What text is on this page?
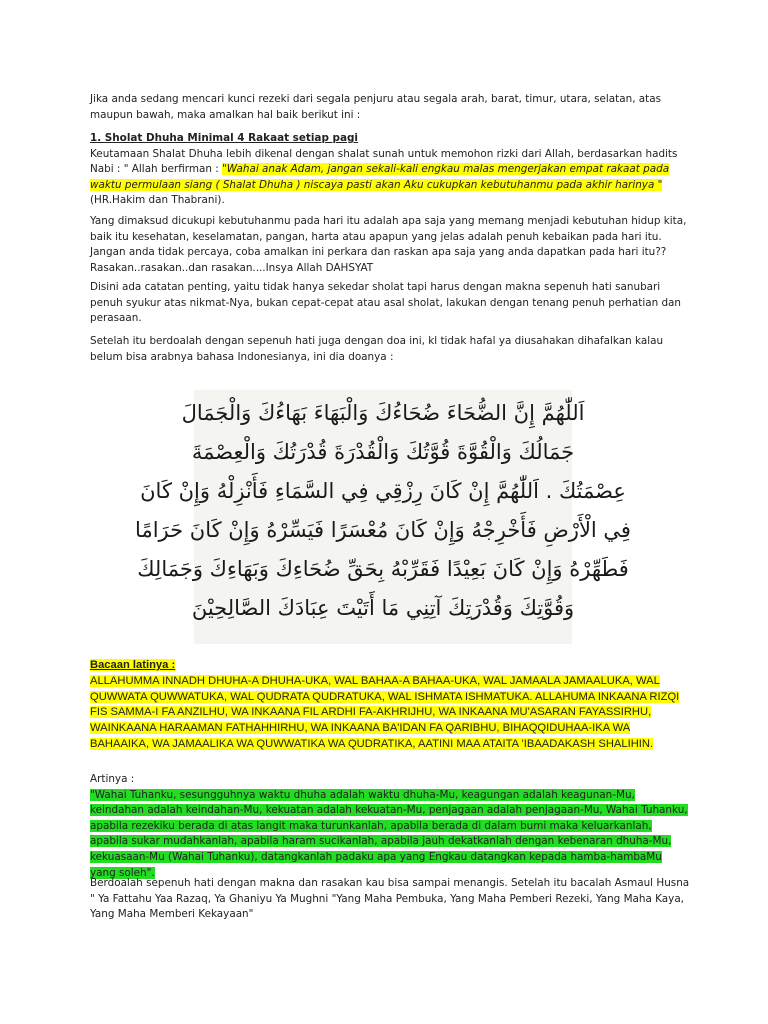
Jika anda sedang mencari kunci rezeki dari segala penjuru atau segala arah, barat, timur, utara, selatan, atas maupun bawah, maka amalkan hal baik berikut ini :

1. Sholat Dhuha Minimal 4 Rakaat setiap pagi
Keutamaan Shalat Dhuha lebih dikenal dengan shalat sunah untuk memohon rizki dari Allah, berdasarkan hadits Nabi : " Allah berfirman : "Wahai anak Adam, jangan sekali-kali engkau malas mengerjakan empat rakaat pada waktu permulaan siang ( Shalat Dhuha ) niscaya pasti akan Aku cukupkan kebutuhanmu pada akhir harinya " (HR.Hakim dan Thabrani).

Yang dimaksud dicukupi kebutuhanmu pada hari itu adalah apa saja yang memang menjadi kebutuhan hidup kita, baik itu kesehatan, keselamatan, pangan, harta atau apapun yang jelas adalah penuh kebaikan pada hari itu. Jangan anda tidak percaya, coba amalkan ini perkara dan raskan apa saja yang anda dapatkan pada hari itu?? Rasakan..rasakan..dan rasakan....Insya Allah DAHSYAT

Disini ada catatan penting, yaitu tidak hanya sekedar sholat tapi harus dengan makna sepenuh hati sanubari penuh syukur atas nikmat-Nya, bukan cepat-cepat atau asal sholat, lakukan dengan tenang penuh perhatian dan perasaan.

Setelah itu berdoalah dengan sepenuh hati juga dengan doa ini, kl tidak hafal ya diusahakan dihafalkan kalau belum bisa arabnya bahasa Indonesianya, ini dia doanya :

اَللّٰهُمَّ إِنَّ الضُّحَاءَ ضُحَاءُكَ وَالْبَهَاءَ بَهَاءُكَ وَالْجَمَالَ
جَمَالُكَ وَالْقُوَّةَ قُوَّتُكَ وَالْقُدْرَةَ قُدْرَتُكَ وَالْعِصْمَةَ
عِصْمَتُكَ . اَللّٰهُمَّ إِنْ كَانَ رِزْقِي فِي السَّمَاءِ فَأَنْزِلْهُ وَإِنْ كَانَ
فِي الْأَرْضِ فَأَخْرِجْهُ وَإِنْ كَانَ مُعْسَرًا فَيَسِّرْهُ وَإِنْ كَانَ حَرَامًا
فَطَهِّرْهُ وَإِنْ كَانَ بَعِيْدًا فَقَرِّبْهُ بِحَقِّ ضُحَاءِكَ وَبَهَاءِكَ وَجَمَالِكَ
وَقُوَّتِكَ وَقُدْرَتِكَ آتِنِي مَا أَتَيْتَ عِبَادَكَ الصَّالِحِيْنَ
Bacaan latinya :
ALLAHUMMA INNADH DHUHA-A DHUHA-UKA, WAL BAHAA-A BAHAA-UKA, WAL JAMAALA JAMAALUKA, WAL QUWWATA QUWWATUKA, WAL QUDRATA QUDRATUKA, WAL ISHMATA ISHMATUKA. ALLAHUMA INKAANA RIZQI FIS SAMMA-I FA ANZILHU, WA INKAANA FIL ARDHI FA-AKHRIJHU, WA INKAANA MU'ASARAN FAYASSIRHU, WAINKAANA HARAAMAN FATHAHHIRHU, WA INKAANA BA'IDAN FA QARIBHU, BIHAQQIDUHAA-IKA WA BAHAAIKA, WA JAMAALIKA WA QUWWATIKA WA QUDRATIKA, AATINI MAA ATAITA 'IBAADAKASH SHALIHIN.
Artinya :
"Wahai Tuhanku, sesungguhnya waktu dhuha adalah waktu dhuha-Mu, keagungan adalah keagunan-Mu, keindahan adalah keindahan-Mu, kekuatan adalah kekuatan-Mu, penjagaan adalah penjagaan-Mu, Wahai Tuhanku, apabila rezekiku berada di atas langit maka turunkanlah, apabila berada di dalam bumi maka keluarkanlah, apabila sukar mudahkanlah, apabila haram sucikanlah, apabila jauh dekatkanlah dengan kebenaran dhuha-Mu, kekuasaan-Mu (Wahai Tuhanku), datangkanlah padaku apa yang Engkau datangkan kepada hamba-hambaMu yang soleh".

Berdoalah sepenuh hati dengan makna dan rasakan kau bisa sampai menangis. Setelah itu bacalah Asmaul Husna " Ya Fattahu Yaa Razaq, Ya Ghaniyu Ya Mughni "Yang Maha Pembuka, Yang Maha Pemberi Rezeki, Yang Maha Kaya, Yang Maha Memberi Kekayaan"
